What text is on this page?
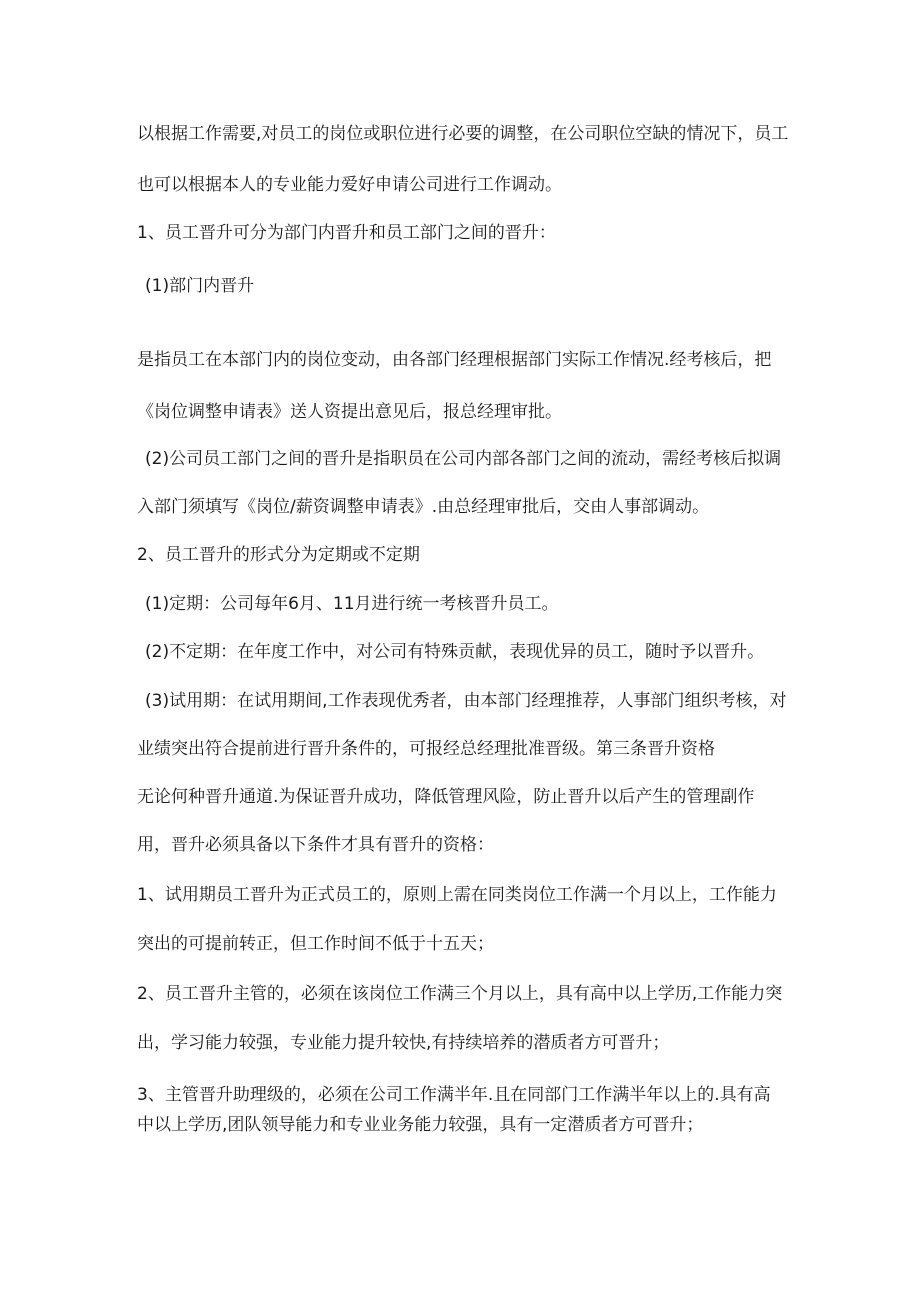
以根据工作需要,对员工的岗位或职位进行必要的调整，在公司职位空缺的情况下，员工
也可以根据本人的专业能力爱好申请公司进行工作调动。
1、员工晋升可分为部门内晋升和员工部门之间的晋升：
(1)部门内晋升
是指员工在本部门内的岗位变动，由各部门经理根据部门实际工作情况.经考核后，把
《岗位调整申请表》送人资提出意见后，报总经理审批。
(2)公司员工部门之间的晋升是指职员在公司内部各部门之间的流动，需经考核后拟调
入部门须填写《岗位/薪资调整申请表》.由总经理审批后，交由人事部调动。
2、员工晋升的形式分为定期或不定期
(1)定期：公司每年6月、11月进行统一考核晋升员工。
(2)不定期：在年度工作中，对公司有特殊贡献，表现优异的员工，随时予以晋升。
(3)试用期：在试用期间,工作表现优秀者，由本部门经理推荐，人事部门组织考核，对
业绩突出符合提前进行晋升条件的，可报经总经理批准晋级。第三条晋升资格
无论何种晋升通道.为保证晋升成功，降低管理风险，防止晋升以后产生的管理副作
用，晋升必须具备以下条件才具有晋升的资格：
1、试用期员工晋升为正式员工的，原则上需在同类岗位工作满一个月以上，工作能力
突出的可提前转正，但工作时间不低于十五天；
2、员工晋升主管的，必须在该岗位工作满三个月以上，具有高中以上学历,工作能力突
出，学习能力较强，专业能力提升较快,有持续培养的潜质者方可晋升；
3、主管晋升助理级的，必须在公司工作满半年.且在同部门工作满半年以上的.具有高
中以上学历,团队领导能力和专业业务能力较强，具有一定潜质者方可晋升；
